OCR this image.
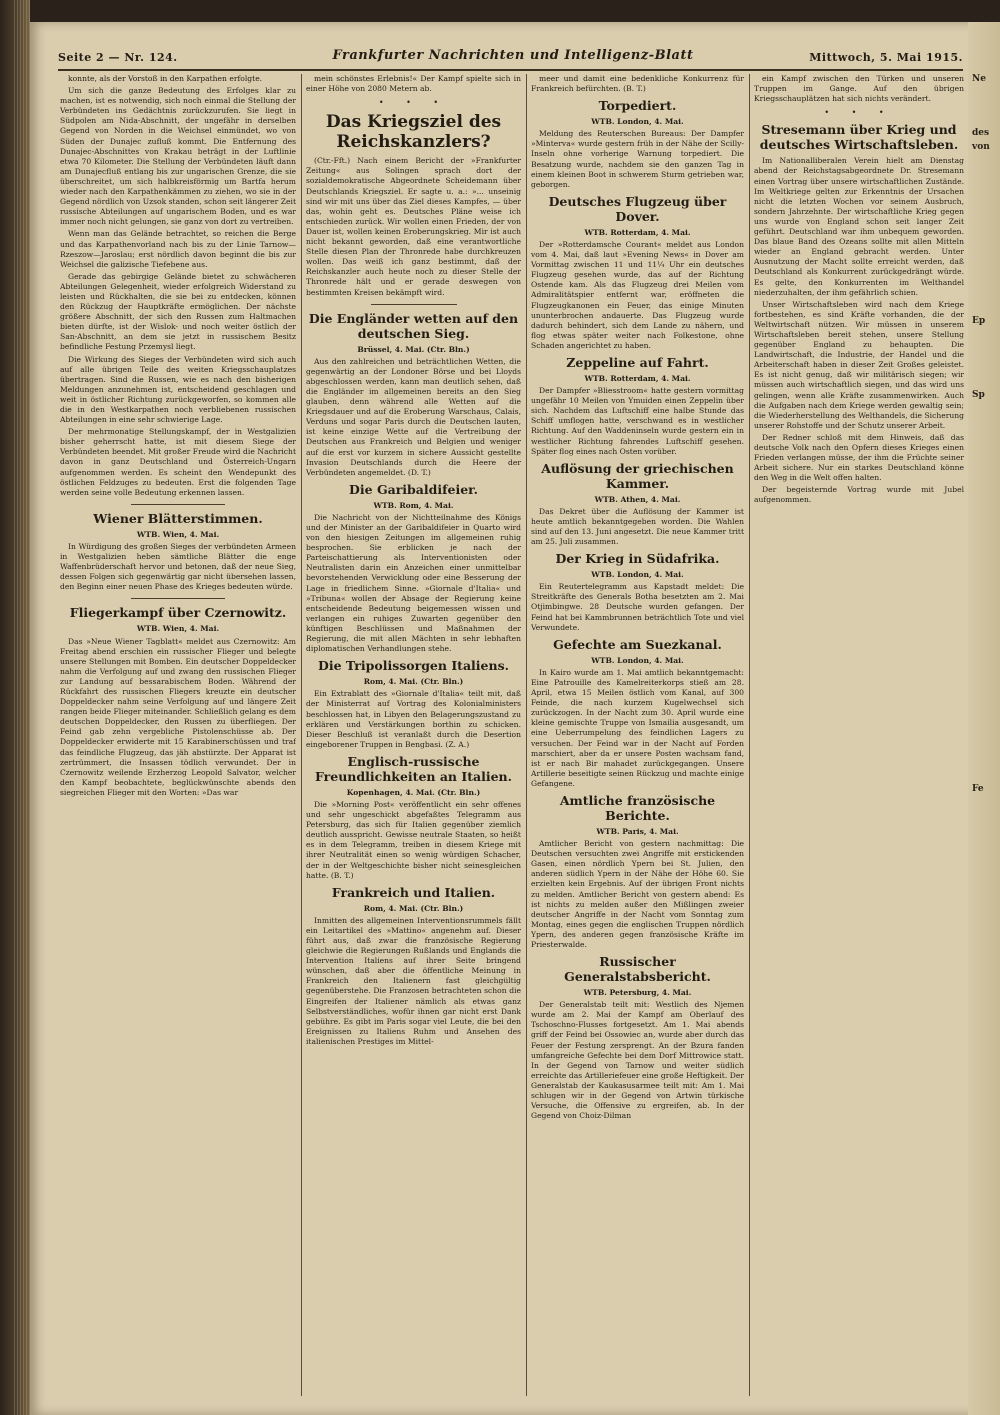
Seite 2 — Nr. 124.	Frankfurter Nachrichten und Intelligenz-Blatt	Mittwoch, 5. Mai 1915.

konnte, als der Vorstoß in den Karpathen erfolgte.

Um sich die ganze Bedeutung des Erfolges klar zu machen, ist es notwendig, sich noch einmal die Stellung der Verbündeten ins Gedächtnis zurückzurufen. Sie liegt in Südpolen am Nida-Abschnitt, der ungefähr in derselben Gegend von Norden in die Weichsel einmündet, wo von Süden der Dunajec zufluß kommt. Die Entfernung des Dunajec-Abschnittes von Krakau beträgt in der Luftlinie etwa 70 Kilometer. Die Stellung der Verbündeten läuft dann am Dunajecfluß entlang bis zur ungarischen Grenze, die sie überschreitet, um sich halbkreisförmig um Bartfa herum wieder nach den Karpathenkämmen zu ziehen, wo sie in der Gegend nördlich von Uzsok standen, schon seit längerer Zeit russische Abteilungen auf ungarischem Boden, und es war immer noch nicht gelungen, sie ganz von dort zu vertreiben.

Wenn man das Gelände betrachtet, so reichen die Berge und das Karpathenvorland nach bis zu der Linie Tarnow—Rzeszow—Jaroslau; erst nördlich davon beginnt die bis zur Weichsel die galizische Tiefebene aus.

Gerade das gebirgige Gelände bietet zu schwächeren Abteilungen Gelegenheit, wieder erfolgreich Widerstand zu leisten und Rückhalten, die sie bei zu entdecken, können den Rückzug der Hauptkräfte ermöglichen. Der nächste größere Abschnitt, der sich den Russen zum Haltmachen bieten dürfte, ist der Wislok- und noch weiter östlich der San-Abschnitt, an dem sie jetzt in russischem Besitz befindliche Festung Przemysl liegt.

Die Wirkung des Sieges der Verbündeten wird sich auch auf alle übrigen Teile des weiten Kriegsschauplatzes übertragen. Sind die Russen, wie es nach den bisherigen Meldungen anzunehmen ist, entscheidend geschlagen und weit in östlicher Richtung zurückgeworfen, so kommen alle die in den Westkarpathen noch verbliebenen russischen Abteilungen in eine sehr schwierige Lage.

Der mehrmonatige Stellungskampf, der in Westgalizien bisher geherrscht hatte, ist mit diesem Siege der Verbündeten beendet. Mit großer Freude wird die Nachricht davon in ganz Deutschland und Österreich-Ungarn aufgenommen werden. Es scheint den Wendepunkt des östlichen Feldzuges zu bedeuten. Erst die folgenden Tage werden seine volle Bedeutung erkennen lassen.

Wiener Blätterstimmen.

WTB. Wien, 4. Mai.

In Würdigung des großen Sieges der verbündeten Armeen in Westgalizien heben sämtliche Blätter die enge Waffenbrüderschaft hervor und betonen, daß der neue Sieg, dessen Folgen sich gegenwärtig gar nicht übersehen lassen, den Beginn einer neuen Phase des Krieges bedeuten würde.

Fliegerkampf über Czernowitz.

WTB. Wien, 4. Mai.

Das »Neue Wiener Tagblatt« meldet aus Czernowitz: Am Freitag abend erschien ein russischer Flieger und belegte unsere Stellungen mit Bomben. Ein deutscher Doppeldecker nahm die Verfolgung auf und zwang den russischen Flieger zur Landung auf bessarabischem Boden. Während der Rückfahrt des russischen Fliegers kreuzte ein deutscher Doppeldecker nahm seine Verfolgung auf und längere Zeit rangen beide Flieger miteinander. Schließlich gelang es dem deutschen Doppeldecker, den Russen zu überfliegen. Der Feind gab zehn vergebliche Pistolenschüsse ab. Der Doppeldecker erwiderte mit 15 Karabinerschüssen und traf das feindliche Flugzeug, das jäh abstürzte. Der Apparat ist zertrümmert, die Insassen tödlich verwundet. Der in Czernowitz weilende Erzherzog Leopold Salvator, welcher den Kampf beobachtete, beglückwünschte abends den siegreichen Flieger mit den Worten: »Das war

mein schönstes Erlebnis!« Der Kampf spielte sich in einer Höhe von 2080 Metern ab.

• • •
Das Kriegsziel des Reichskanzlers?

(Ctr.-Fft.) Nach einem Bericht der »Frankfurter Zeitung« aus Solingen sprach dort der sozialdemokratische Abgeordnete Scheidemann über Deutschlands Kriegsziel. Er sagte u. a.: »... unseinig sind wir mit uns über das Ziel dieses Kampfes, — über das, wohin geht es. Deutsches Pläne weise ich entschieden zurück. Wir wollen einen Frieden, der von Dauer ist, wollen keinen Eroberungskrieg. Mir ist auch nicht bekannt geworden, daß eine verantwortliche Stelle diesen Plan der Thronrede habe durchkreuzen wollen. Das weiß ich ganz bestimmt, daß der Reichskanzler auch heute noch zu dieser Stelle der Thronrede hält und er gerade deswegen von bestimmten Kreisen bekämpft wird.

Die Engländer wetten auf den deutschen Sieg.

Brüssel, 4. Mai. (Ctr. Bln.)

Aus den zahlreichen und beträchtlichen Wetten, die gegenwärtig an der Londoner Börse und bei Lloyds abgeschlossen werden, kann man deutlich sehen, daß die Engländer im allgemeinen bereits an den Sieg glauben, denn während alle Wetten auf die Kriegsdauer und auf die Eroberung Warschaus, Calais, Verduns und sogar Paris durch die Deutschen lauten, ist keine einzige Wette auf die Vertreibung der Deutschen aus Frankreich und Belgien und weniger auf die erst vor kurzem in sichere Aussicht gestellte Invasion Deutschlands durch die Heere der Verbündeten angemeldet. (D. T.)

Die Garibaldifeier.

WTB. Rom, 4. Mai.

Die Nachricht von der Nichtteilnahme des Königs und der Minister an der Garibaldifeier in Quarto wird von den hiesigen Zeitungen im allgemeinen ruhig besprochen. Sie erblicken je nach der Parteischattierung als Interventionisten oder Neutralisten darin ein Anzeichen einer unmittelbar bevorstehenden Verwicklung oder eine Besserung der Lage in friedlichem Sinne. »Giornale d'Italia« und »Tribuna« wollen der Absage der Regierung keine entscheidende Bedeutung beigemessen wissen und verlangen ein ruhiges Zuwarten gegenüber den künftigen Beschlüssen und Maßnahmen der Regierung, die mit allen Mächten in sehr lebhaften diplomatischen Verhandlungen stehe.

Die Tripolissorgen Italiens.

Rom, 4. Mai. (Ctr. Bln.)

Ein Extrablatt des »Giornale d'Italia« teilt mit, daß der Ministerrat auf Vortrag des Kolonialministers beschlossen hat, in Libyen den Belagerungszustand zu erklären und Verstärkungen borthin zu schicken. Dieser Beschluß ist veranlaßt durch die Desertion eingeborener Truppen in Bengbasi. (Z. A.)

Englisch-russische Freundlichkeiten an Italien.

Kopenhagen, 4. Mai. (Ctr. Bln.)

Die »Morning Post« veröffentlicht ein sehr offenes und sehr ungeschickt abgefaßtes Telegramm aus Petersburg, das sich für Italien gegenüber ziemlich deutlich ausspricht. Gewisse neutrale Staaten, so heißt es in dem Telegramm, treiben in diesem Kriege mit ihrer Neutralität einen so wenig würdigen Schacher, der in der Weltgeschichte bisher nicht seinesgleichen hatte. (B. T.)

Frankreich und Italien.

Rom, 4. Mai. (Ctr. Bln.)

Inmitten des allgemeinen Interventionsrummels fällt ein Leitartikel des »Mattino« angenehm auf. Dieser führt aus, daß zwar die französische Regierung gleichwie die Regierungen Rußlands und Englands die Intervention Italiens auf ihrer Seite bringend wünschen, daß aber die öffentliche Meinung in Frankreich den Italienern fast gleichgültig gegenüberstehe. Die Franzosen betrachteten schon die Eingreifen der Italiener nämlich als etwas ganz Selbstverständliches, wofür ihnen gar nicht erst Dank gebühre. Es gibt im Paris sogar viel Leute, die bei den Ereignissen zu Italiens Ruhm und Ansehen des italienischen Prestiges im Mittel-

meer und damit eine bedenkliche Konkurrenz für Frankreich befürchten. (B. T.)

Torpediert.

WTB. London, 4. Mai.

Meldung des Reuterschen Bureaus: Der Dampfer »Minterva« wurde gestern früh in der Nähe der Scilly-Inseln ohne vorherige Warnung torpediert. Die Besatzung wurde, nachdem sie den ganzen Tag in einem kleinen Boot in schwerem Sturm getrieben war, geborgen.

Deutsches Flugzeug über Dover.

WTB. Rotterdam, 4. Mai.

Der »Rotterdamsche Courant« meldet aus London vom 4. Mai, daß laut »Evening News« in Dover am Vormittag zwischen 11 und 11¼ Uhr ein deutsches Flugzeug gesehen wurde, das auf der Richtung Ostende kam. Als das Flugzeug drei Meilen vom Admiralitätspier entfernt war, eröffneten die Flugzeugkanonen ein Feuer, das einige Minuten ununterbrochen andauerte. Das Flugzeug wurde dadurch behindert, sich dem Lande zu nähern, und flog etwas später weiter nach Folkestone, ohne Schaden angerichtet zu haben.

Zeppeline auf Fahrt.

WTB. Rotterdam, 4. Mai.

Der Dampfer »Bliesstroom« hatte gestern vormittag ungefähr 10 Meilen von Ymuiden einen Zeppelin über sich. Nachdem das Luftschiff eine halbe Stunde das Schiff umflogen hatte, verschwand es in westlicher Richtung. Auf den Waddeninseln wurde gestern ein in westlicher Richtung fahrendes Luftschiff gesehen. Später flog eines nach Osten vorüber.

Auflösung der griechischen Kammer.

WTB. Athen, 4. Mai.

Das Dekret über die Auflösung der Kammer ist heute amtlich bekanntgegeben worden. Die Wahlen sind auf den 13. Juni angesetzt. Die neue Kammer tritt am 25. Juli zusammen.

Der Krieg in Südafrika.

WTB. London, 4. Mai.

Ein Reutertelegramm aus Kapstadt meldet: Die Streitkräfte des Generals Botha besetzten am 2. Mai Otjimbingwe. 28 Deutsche wurden gefangen. Der Feind hat bei Kammbrunnen beträchtlich Tote und viel Verwundete.

Gefechte am Suezkanal.

WTB. London, 4. Mai.

In Kairo wurde am 1. Mai amtlich bekanntgemacht: Eine Patrouille des Kamelreiterkorps stieß am 28. April, etwa 15 Meilen östlich vom Kanal, auf 300 Feinde, die nach kurzem Kugelwechsel sich zurückzogen. In der Nacht zum 30. April wurde eine kleine gemischte Truppe von Ismailia ausgesandt, um eine Ueberrumpelung des feindlichen Lagers zu versuchen. Der Feind war in der Nacht auf Forden marschiert, aber da er unsere Posten wachsam fand, ist er nach Bir mahadet zurückgegangen. Unsere Artillerie beseitigte seinen Rückzug und machte einige Gefangene.

Amtliche französische Berichte.

WTB. Paris, 4. Mai.

Amtlicher Bericht von gestern nachmittag: Die Deutschen versuchten zwei Angriffe mit erstickenden Gasen, einen nördlich Ypern bei St. Julien, den anderen südlich Ypern in der Nähe der Höhe 60. Sie erzielten kein Ergebnis. Auf der übrigen Front nichts zu melden. Amtlicher Bericht von gestern abend: Es ist nichts zu melden außer den Mißlingen zweier deutscher Angriffe in der Nacht vom Sonntag zum Montag, eines gegen die englischen Truppen nördlich Ypern, des anderen gegen französische Kräfte im Priesterwalde.

Russischer Generalstabsbericht.

WTB. Petersburg, 4. Mai.

Der Generalstab teilt mit: Westlich des Njemen wurde am 2. Mai der Kampf am Oberlauf des Tschoschno-Flusses fortgesetzt. Am 1. Mai abends griff der Feind bei Ossowiec an, wurde aber durch das Feuer der Festung zersprengt. An der Bzura fanden umfangreiche Gefechte bei dem Dorf Mittrowice statt. In der Gegend von Tarnow und weiter südlich erreichte das Artilleriefeuer eine große Heftigkeit. Der Generalstab der Kaukasusarmee teilt mit: Am 1. Mai schlugen wir in der Gegend von Artwin türkische Versuche, die Offensive zu ergreifen, ab. In der Gegend von Choiz-Dilman

ein Kampf zwischen den Türken und unseren Truppen im Gange. Auf den übrigen Kriegsschauplätzen hat sich nichts verändert.

• • •
Stresemann über Krieg und deutsches Wirtschaftsleben.

Im Nationalliberalen Verein hielt am Dienstag abend der Reichstagsabgeordnete Dr. Stresemann einen Vortrag über unsere wirtschaftlichen Zustände. Im Weltkriege gelten zur Erkenntnis der Ursachen nicht die letzten Wochen vor seinem Ausbruch, sondern Jahrzehnte. Der wirtschaftliche Krieg gegen uns wurde von England schon seit langer Zeit geführt. Deutschland war ihm unbequem geworden. Das blaue Band des Ozeans sollte mit allen Mitteln wieder an England gebracht werden. Unter Ausnutzung der Macht sollte erreicht werden, daß Deutschland als Konkurrent zurückgedrängt würde. Es gelte, den Konkurrenten im Welthandel niederzuhalten, der ihm gefährlich schien.

Unser Wirtschaftsleben wird nach dem Kriege fortbestehen, es sind Kräfte vorhanden, die der Weltwirtschaft nützen. Wir müssen in unserem Wirtschaftsleben bereit stehen, unsere Stellung gegenüber England zu behaupten. Die Landwirtschaft, die Industrie, der Handel und die Arbeiterschaft haben in dieser Zeit Großes geleistet. Es ist nicht genug, daß wir militärisch siegen; wir müssen auch wirtschaftlich siegen, und das wird uns gelingen, wenn alle Kräfte zusammenwirken. Auch die Aufgaben nach dem Kriege werden gewaltig sein; die Wiederherstellung des Welthandels, die Sicherung unserer Rohstoffe und der Schutz unserer Arbeit.

Der Redner schloß mit dem Hinweis, daß das deutsche Volk nach den Opfern dieses Krieges einen Frieden verlangen müsse, der ihm die Früchte seiner Arbeit sichere. Nur ein starkes Deutschland könne den Weg in die Welt offen halten.

Der begeisternde Vortrag wurde mit Jubel aufgenommen.

Ne
des
von
Ep
Sp
Fe
